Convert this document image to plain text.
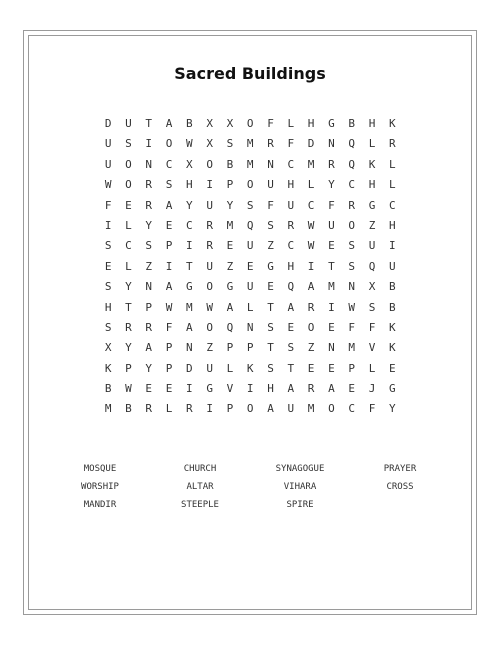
Sacred Buildings
D	U	T	A	B	X	X	O	F	L	H	G	B	H	K
U	S	I	O	W	X	S	M	R	F	D	N	Q	L	R
U	O	N	C	X	O	B	M	N	C	M	R	Q	K	L
W	O	R	S	H	I	P	O	U	H	L	Y	C	H	L
F	E	R	A	Y	U	Y	S	F	U	C	F	R	G	C
I	L	Y	E	C	R	M	Q	S	R	W	U	O	Z	H
S	C	S	P	I	R	E	U	Z	C	W	E	S	U	I
E	L	Z	I	T	U	Z	E	G	H	I	T	S	Q	U
S	Y	N	A	G	O	G	U	E	Q	A	M	N	X	B
H	T	P	W	M	W	A	L	T	A	R	I	W	S	B
S	R	R	F	A	O	Q	N	S	E	O	E	F	F	K
X	Y	A	P	N	Z	P	P	T	S	Z	N	M	V	K
K	P	Y	P	D	U	L	K	S	T	E	E	P	L	E
B	W	E	E	I	G	V	I	H	A	R	A	E	J	G
M	B	R	L	R	I	P	O	A	U	M	O	C	F	Y
MOSQUE	CHURCH	SYNAGOGUE	PRAYER
WORSHIP	ALTAR	VIHARA	CROSS
MANDIR	STEEPLE	SPIRE
